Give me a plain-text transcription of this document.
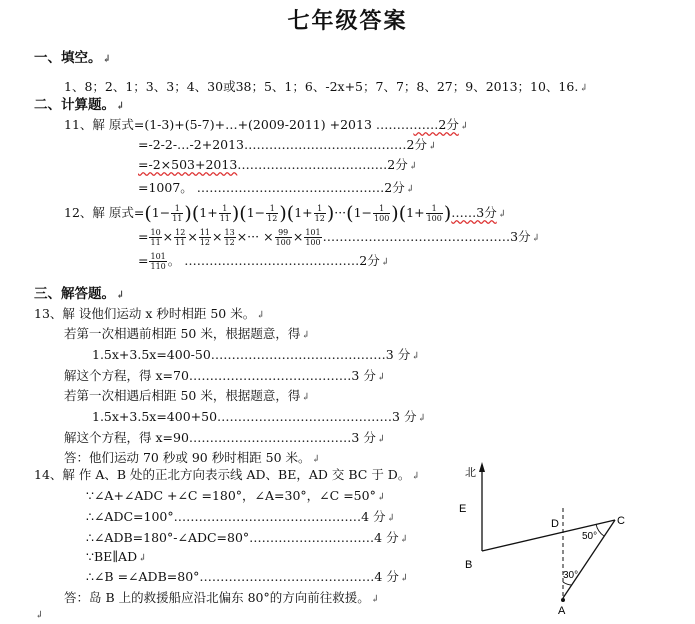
七年级答案
一、填空。↲
1、8；2、1；3、3；4、30或38；5、1；6、-2x+5；7、7；8、27；9、2013；10、16.↲
二、计算题。↲
11、解 原式=(1-3)+(5-7)+…+(2009-2011) +2013 ……………2分↲
=-2-2-…-2+2013…………………………………2分↲
=-2×503+2013………………………………2分↲
=1007。 ………………………………………2分↲
12、解 原式$=(1- \frac{1}{11} )(1+ \frac{1}{11} )(1- \frac{1}{12} )(1+ \frac{1}{12} )\cdot\cdot\cdot(1- \frac{1}{100} )(1+ \frac{1}{100}$ )……3分↲
= $\frac{10}{11} \times \frac{12}{11} \times \frac{11}{12} \times \frac{13}{12}$ ×··· × $\frac{99}{100} \times \frac{101}{100}$ ………………………………………3分↲
= $\frac{101}{110}$ 。 ……………………………………2分↲
三、解答题。↲
13、解 设他们运动 x 秒时相距 50 米。↲
若第一次相遇前相距 50 米，根据题意，得↲
1.5x+3.5x=400-50……………………………………3 分↲
解这个方程，得 x=70…………………………………3 分↲
若第一次相遇后相距 50 米，根据题意，得↲
1.5x+3.5x=400+50……………………………………3 分↲
解这个方程，得 x=90…………………………………3 分↲
答：他们运动 70 秒或 90 秒时相距 50 米。↲
14、解 作 A、B 处的正北方向表示线 AD、BE，AD 交 BC 于 D。↲
∵∠A+∠ADC +∠C =180°，∠A=30°，∠C =50°↲
∴∠ADC=100°………………………………………4 分↲
∴∠ADB=180°-∠ADC=80°…………………………4 分↲
∵BE∥AD↲
∴∠B =∠ADB=80°……………………………………4 分↲
答：岛 B 上的救援船应沿北偏东 80°的方向前往救援。↲
↲
北
E
B
D	C
A
50°
30°
